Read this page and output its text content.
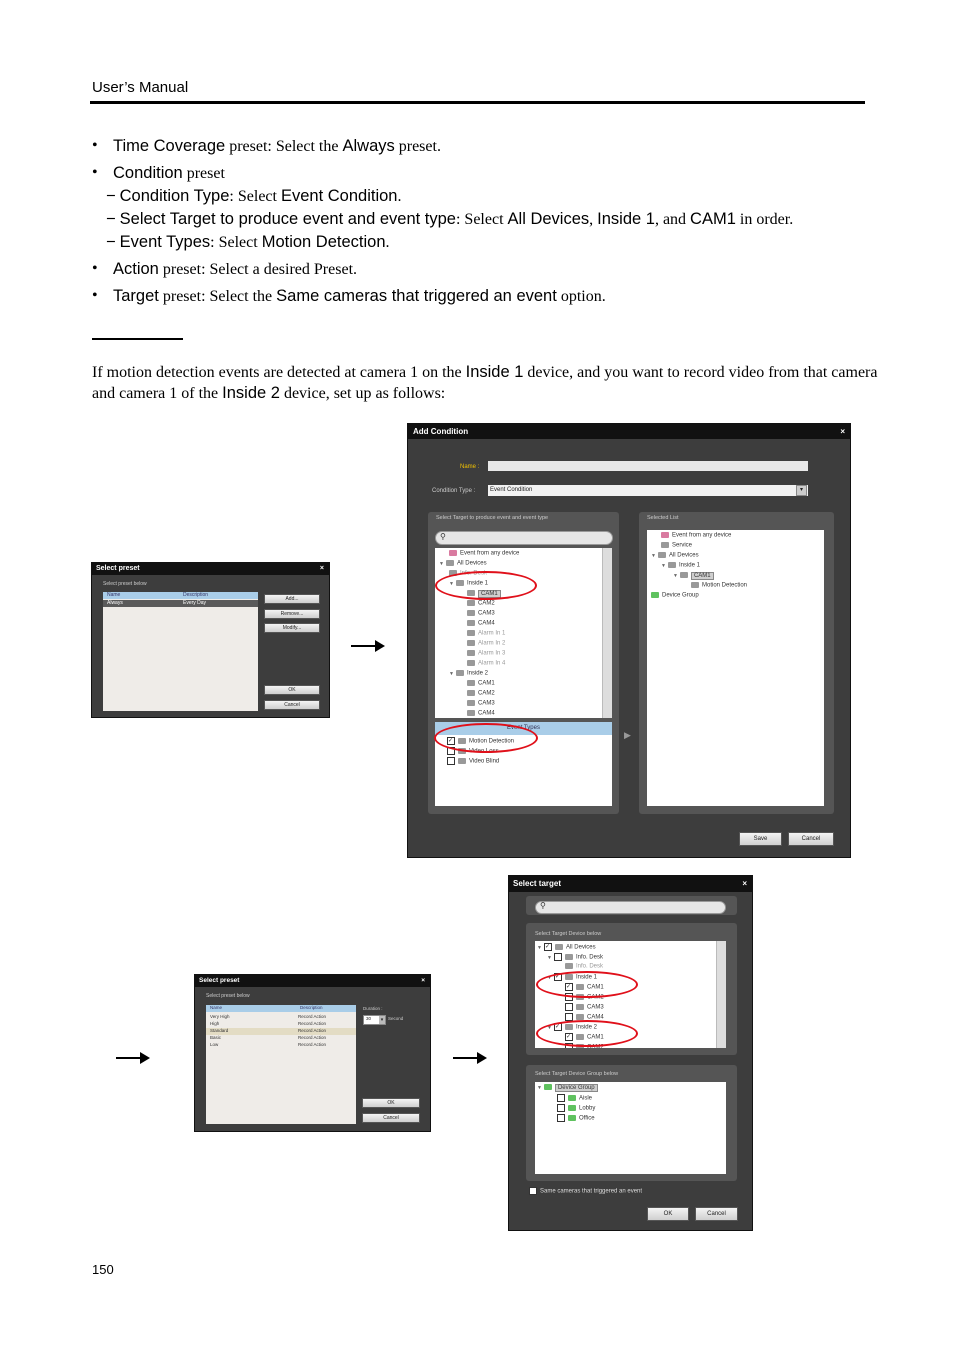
User’s Manual
• Time Coverage preset: Select the Always preset.
• Condition preset
− Condition Type: Select Event Condition.
− Select Target to produce event and event type: Select All Devices, Inside 1, and CAM1 in order.
− Event Types: Select Motion Detection.
• Action preset: Select a desired Preset.
• Target preset: Select the Same cameras that triggered an event option.
If motion detection events are detected at camera 1 on the Inside 1 device, and you want to record video from that camera and camera 1 of the Inside 2 device, set up as follows:
Select preset	×
Select preset below
Name	Description
Always	Every Day
Add...
Remove...
Modify...
OK
Cancel
Add Condition	×
Name :
Condition Type :	Event Condition	▾
Select Target to produce event and event type
⚲
Event from any device
▼ All Devices
Info. Desk
▼ Inside 1
CAM1
CAM2
CAM3
CAM4
Alarm In 1
Alarm In 2
Alarm In 3
Alarm In 4
▼ Inside 2
CAM1
CAM2
CAM3
CAM4
Event Types
✓	Motion Detection
Video Loss
Video Blind
▶
Selected List
Event from any device
Service
▼ All Devices
▼ Inside 1
▼	CAM1
Motion Detection
Device Group
Save	Cancel
Select preset	×
Select preset below
Name	Description
Very High	Record Action
High	Record Action
Standard	Record Action
Basic	Record Action
Low	Record Action
Duration :
30	▾	Second
OK
Cancel
Select target	×
⚲
Select Target Device below
▼ ✓	All Devices
▼	Info. Desk
Info. Desk
▼ ✓	Inside 1
✓	CAM1
CAM2
CAM3
CAM4
▼ ✓	Inside 2
✓	CAM1
CAM2
Select Target Device Group below
▼	Device Group
Aisle
Lobby
Office
Same cameras that triggered an event
OK	Cancel
150
